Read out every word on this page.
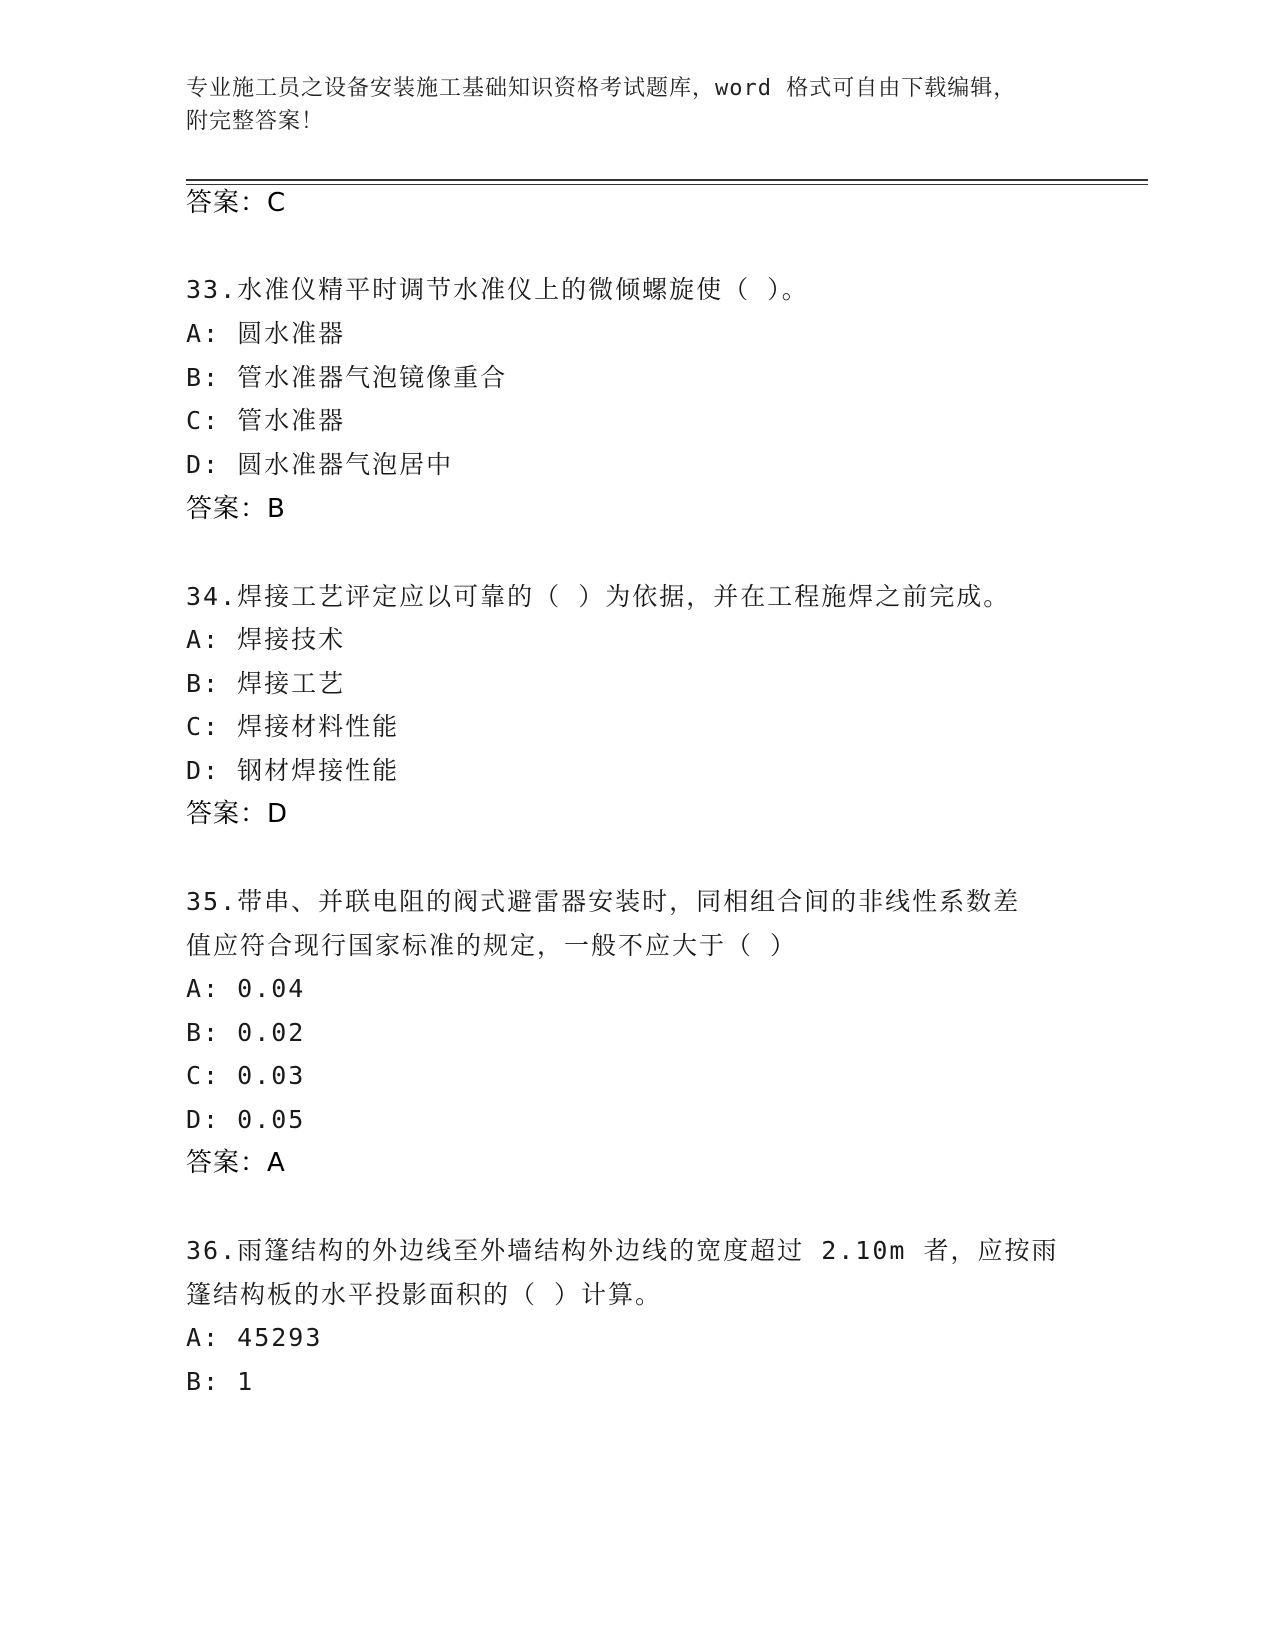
专业施工员之设备安装施工基础知识资格考试题库，word 格式可自由下载编辑，
附完整答案！
答案：C
33.水准仪精平时调节水准仪上的微倾螺旋使（ ）。
A: 圆水准器
B: 管水准器气泡镜像重合
C: 管水准器
D: 圆水准器气泡居中
答案：B
34.焊接工艺评定应以可靠的（ ）为依据，并在工程施焊之前完成。
A: 焊接技术
B: 焊接工艺
C: 焊接材料性能
D: 钢材焊接性能
答案：D
35.带串、并联电阻的阀式避雷器安装时，同相组合间的非线性系数差
值应符合现行国家标准的规定，一般不应大于（ ）
A: 0.04
B: 0.02
C: 0.03
D: 0.05
答案：A
36.雨篷结构的外边线至外墙结构外边线的宽度超过 2.10m 者，应按雨
篷结构板的水平投影面积的（ ）计算。
A: 45293
B: 1
